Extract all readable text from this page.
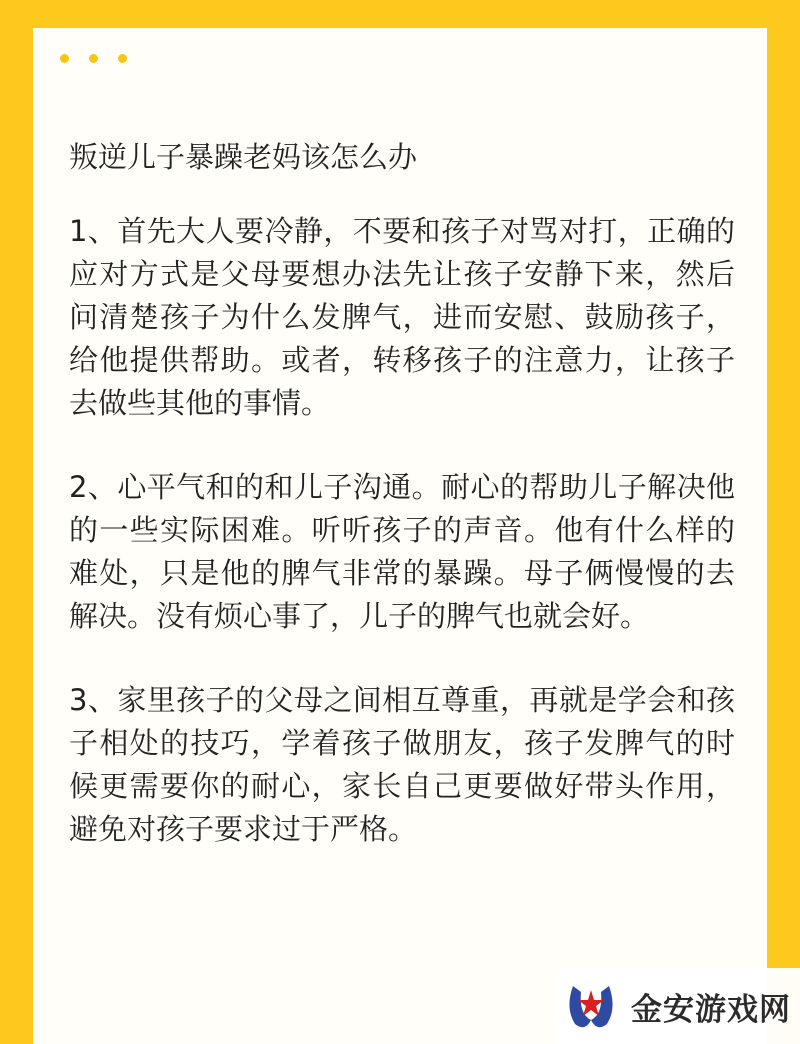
叛逆儿子暴躁老妈该怎么办

1、首先大人要冷静，不要和孩子对骂对打，正确的应对方式是父母要想办法先让孩子安静下来，然后问清楚孩子为什么发脾气，进而安慰、鼓励孩子，给他提供帮助。或者，转移孩子的注意力，让孩子去做些其他的事情。

2、心平气和的和儿子沟通。耐心的帮助儿子解决他的一些实际困难。听听孩子的声音。他有什么样的难处，只是他的脾气非常的暴躁。母子俩慢慢的去解决。没有烦心事了，儿子的脾气也就会好。

3、家里孩子的父母之间相互尊重，再就是学会和孩子相处的技巧，学着孩子做朋友，孩子发脾气的时候更需要你的耐心，家长自己更要做好带头作用，避免对孩子要求过于严格。

金安游戏网
